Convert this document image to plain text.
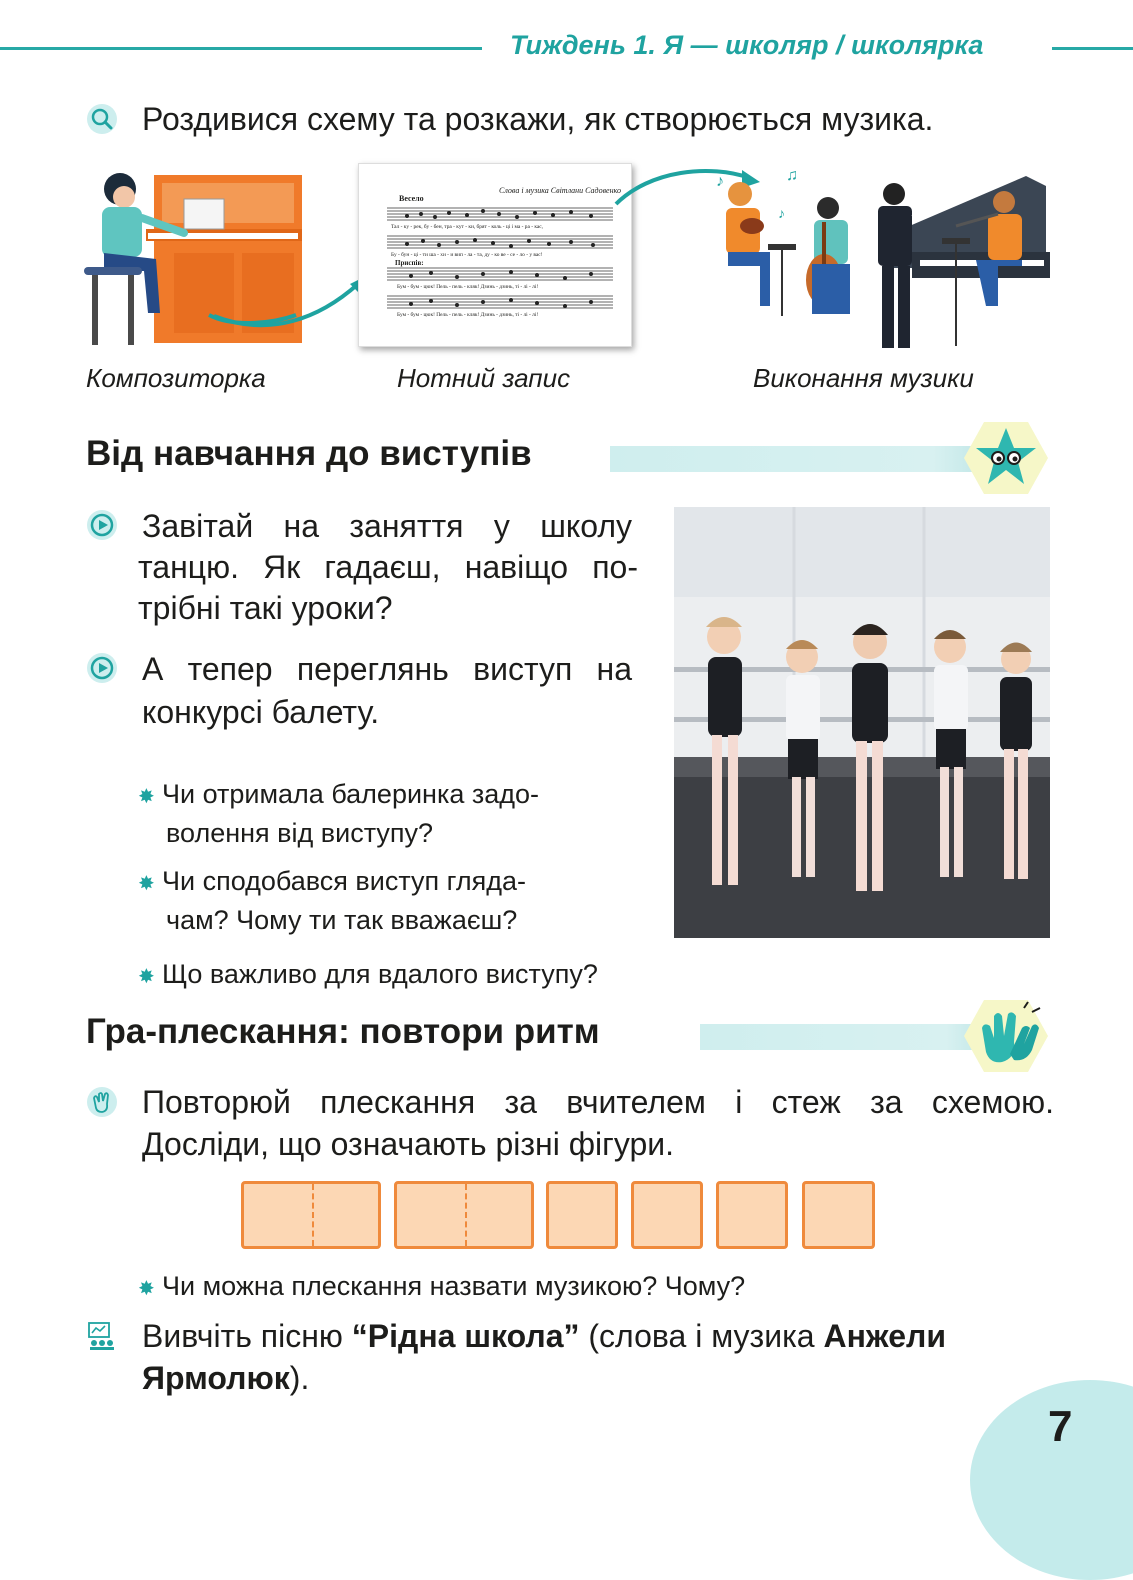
Тиждень 1. Я — школяр / школярка
Роздивися схему та розкажи, як створюється музика.
Слова і музика Світлани Садовенко
Весело
Тал - ку - рек, бу - бен, тра - кут - ки, брят - коль - ці і ма - ра - кас,
Бу - бун - ці - ти ша - хи - и вип - ла - та, ду - ко ве - се - ло - у вас!
Приспів:
Бум - бум - цюк! Пель - пель - кляк! Дзинь - дзинь, ті - лі - лі!
Бум - бум - цюк! Пель - пель - кляк! Дзинь - дзинь, ті - лі - лі!
♪	♫
♪
Композиторка	Нотний запис	Виконання музики
Від навчання до виступів
Завітай на заняття у школу
танцю. Як гадаєш, навіщо по-
трібні такі уроки?
А тепер переглянь виступ на
конкурсі балету.
✸ Чи отримала балеринка задо-
волення від виступу?
✸ Чи сподобався виступ гляда-
чам? Чому ти так вважаєш?
✸ Що важливо для вдалого виступу?
Гра-плескання: повтори ритм
Повторюй плескання за вчителем і стеж за схемою.
Досліди, що означають різні фігури.
✸ Чи можна плескання назвати музикою? Чому?
Вивчіть пісню “Рідна школа” (слова і музика Анжели
Ярмолюк).
7
